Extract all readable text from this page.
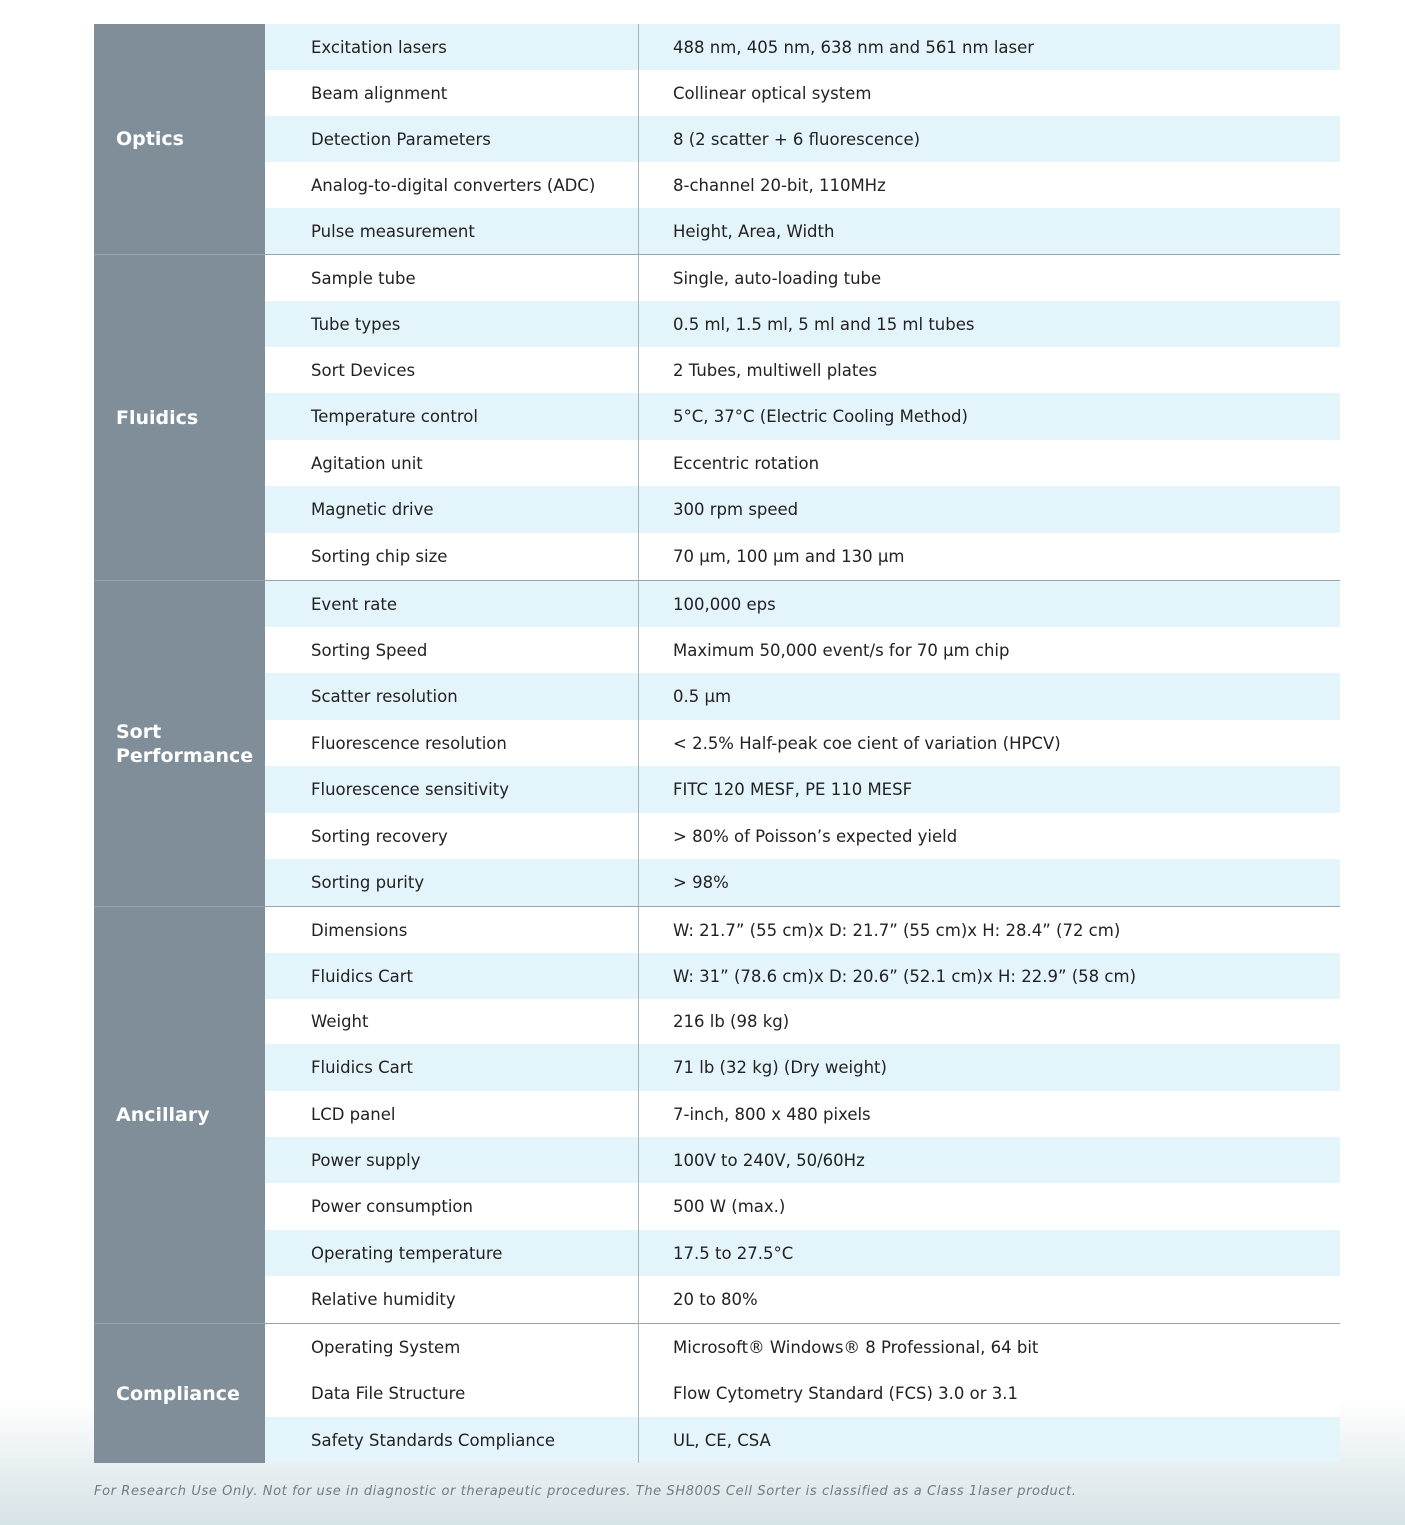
Optics
Excitation lasers	488 nm, 405 nm, 638 nm and 561 nm laser
Beam alignment	Collinear optical system
Detection Parameters	8 (2 scatter + 6 fluorescence)
Analog-to-digital converters (ADC)	8-channel 20-bit, 110MHz
Pulse measurement	Height, Area, Width
Fluidics
Sample tube	Single, auto-loading tube
Tube types	0.5 ml, 1.5 ml, 5 ml and 15 ml tubes
Sort Devices	2 Tubes, multiwell plates
Temperature control	5°C, 37°C (Electric Cooling Method)
Agitation unit	Eccentric rotation
Magnetic drive	300 rpm speed
Sorting chip size	70 μm, 100 μm and 130 μm
Sort
Performance
Event rate	100,000 eps
Sorting Speed	Maximum 50,000 event/s for 70 μm chip
Scatter resolution	0.5 μm
Fluorescence resolution	< 2.5% Half-peak coe cient of variation (HPCV)
Fluorescence sensitivity	FITC 120 MESF, PE 110 MESF
Sorting recovery	> 80% of Poisson’s expected yield
Sorting purity	> 98%
Ancillary
Dimensions	W: 21.7” (55 cm)x D: 21.7” (55 cm)x H: 28.4” (72 cm)
Fluidics Cart	W: 31” (78.6 cm)x D: 20.6” (52.1 cm)x H: 22.9” (58 cm)
Weight	216 lb (98 kg)
Fluidics Cart	71 lb (32 kg) (Dry weight)
LCD panel	7-inch, 800 x 480 pixels
Power supply	100V to 240V, 50/60Hz
Power consumption	500 W (max.)
Operating temperature	17.5 to 27.5°C
Relative humidity	20 to 80%
Compliance
Operating System	Microsoft® Windows® 8 Professional, 64 bit
Data File Structure	Flow Cytometry Standard (FCS) 3.0 or 3.1
Safety Standards Compliance	UL, CE, CSA
For Research Use Only. Not for use in diagnostic or therapeutic procedures. The SH800S Cell Sorter is classified as a Class 1laser product.
